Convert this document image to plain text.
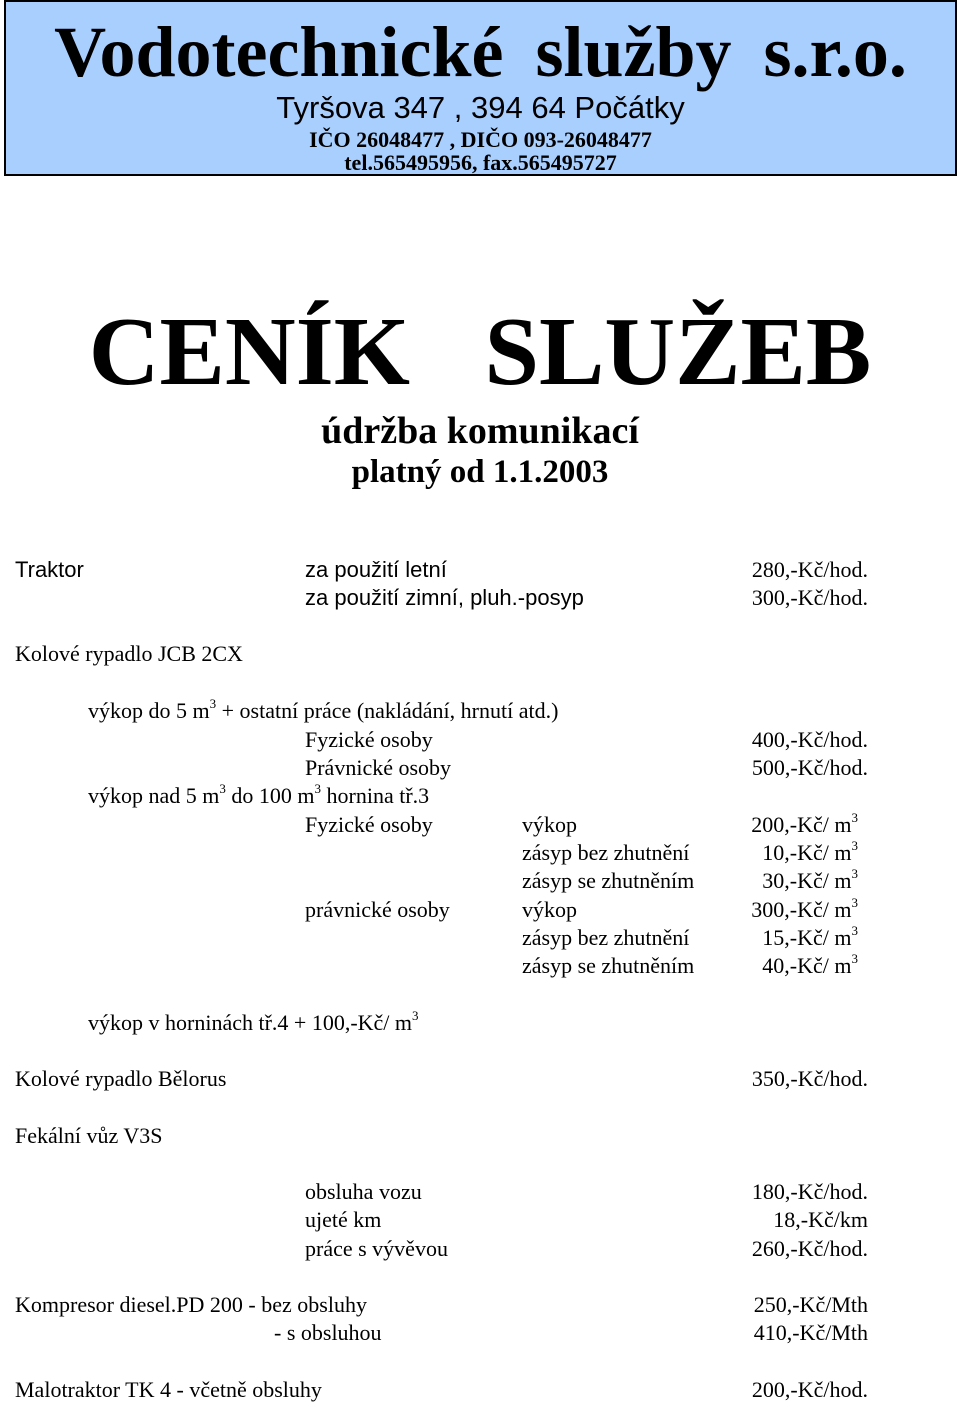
Vodotechnické služby s.r.o.
Tyršova 347 , 394 64 Počátky
IČO 26048477 , DIČO 093-26048477
tel.565495956, fax.565495727
CENÍK SLUŽEB
údržba komunikací
platný od 1.1.2003
Traktor	za použití letní	280,-Kč/hod.
za použití zimní, pluh.-posyp	300,-Kč/hod.
Kolové rypadlo JCB 2CX
výkop do 5 $m^3$ + ostatní práce (nakládání, hrnutí atd.)
Fyzické osoby	400,-Kč/hod.
Právnické osoby	500,-Kč/hod.
výkop nad 5 $m^3$ do 100 $m^3$ hornina tř.3
Fyzické osoby	výkop	200,-Kč/ $m^3$
zásyp bez zhutnění	10,-Kč/ $m^3$
zásyp se zhutněním	30,-Kč/ $m^3$
právnické osoby	výkop	300,-Kč/ $m^3$
zásyp bez zhutnění	15,-Kč/ $m^3$
zásyp se zhutněním	40,-Kč/ $m^3$
výkop v horninách tř.4 + 100,-Kč/ $m^3$
Kolové rypadlo Bělorus	350,-Kč/hod.
Fekální vůz V3S
obsluha vozu	180,-Kč/hod.
ujeté km	18,-Kč/km
práce s vývěvou	260,-Kč/hod.
Kompresor diesel.PD 200 - bez obsluhy	250,-Kč/Mth
- s obsluhou	410,-Kč/Mth
Malotraktor TK 4 - včetně obsluhy	200,-Kč/hod.
